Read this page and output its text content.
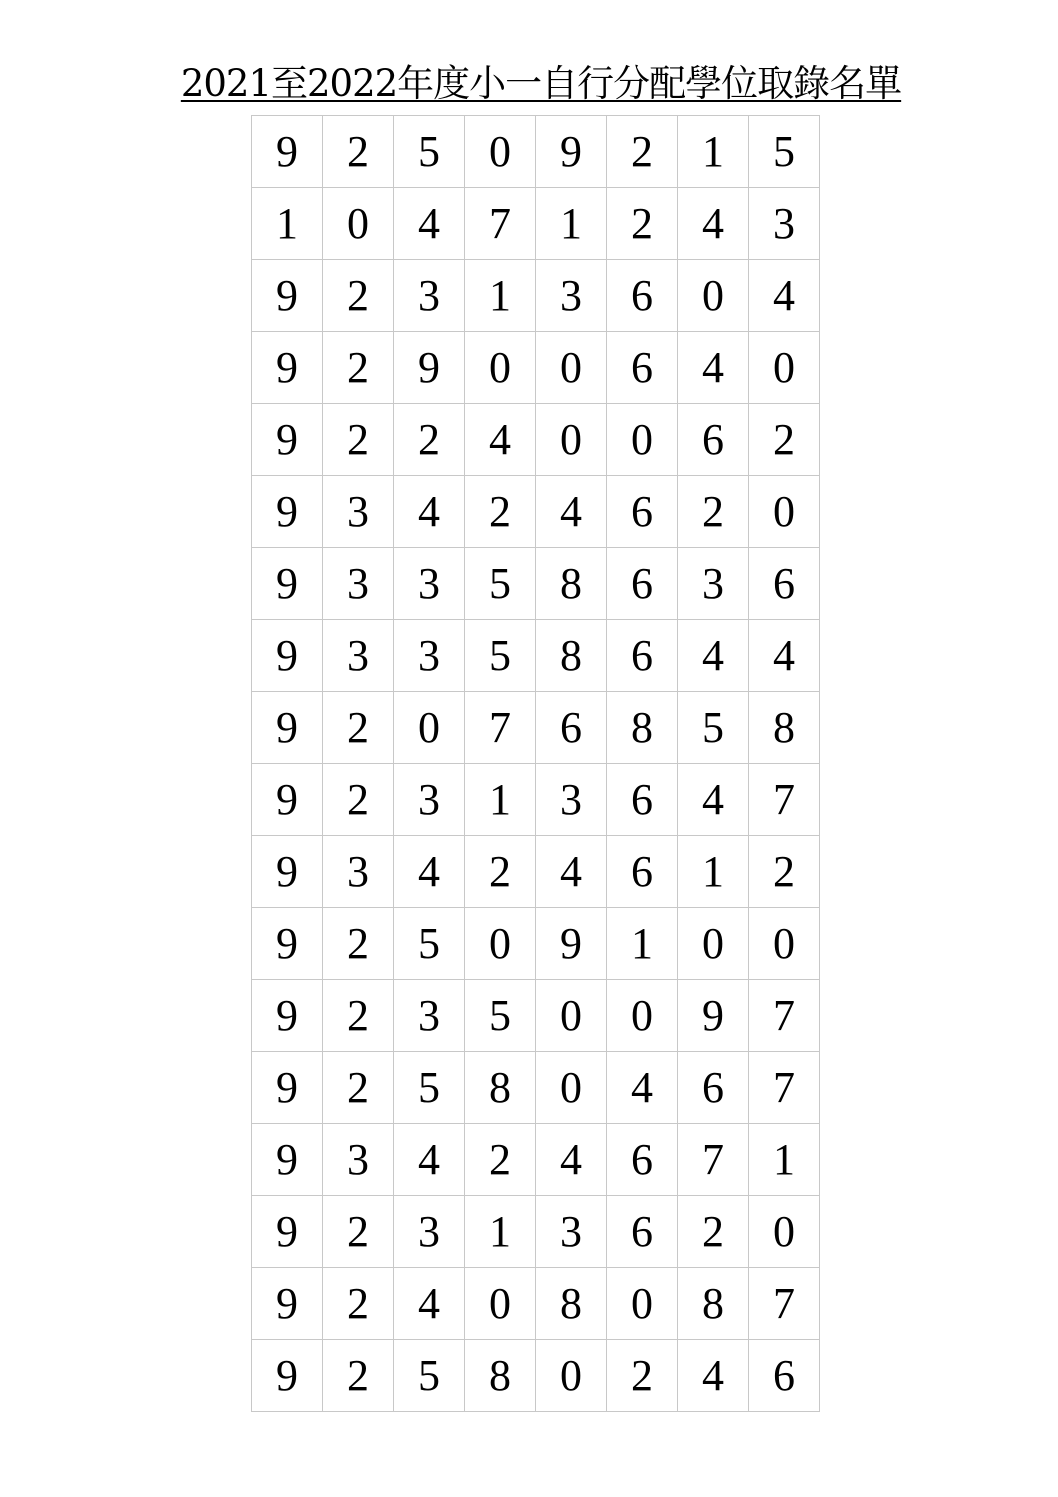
2021至2022年度小一自行分配學位取錄名單
9	2	5	0	9	2	1	5
1	0	4	7	1	2	4	3
9	2	3	1	3	6	0	4
9	2	9	0	0	6	4	0
9	2	2	4	0	0	6	2
9	3	4	2	4	6	2	0
9	3	3	5	8	6	3	6
9	3	3	5	8	6	4	4
9	2	0	7	6	8	5	8
9	2	3	1	3	6	4	7
9	3	4	2	4	6	1	2
9	2	5	0	9	1	0	0
9	2	3	5	0	0	9	7
9	2	5	8	0	4	6	7
9	3	4	2	4	6	7	1
9	2	3	1	3	6	2	0
9	2	4	0	8	0	8	7
9	2	5	8	0	2	4	6
